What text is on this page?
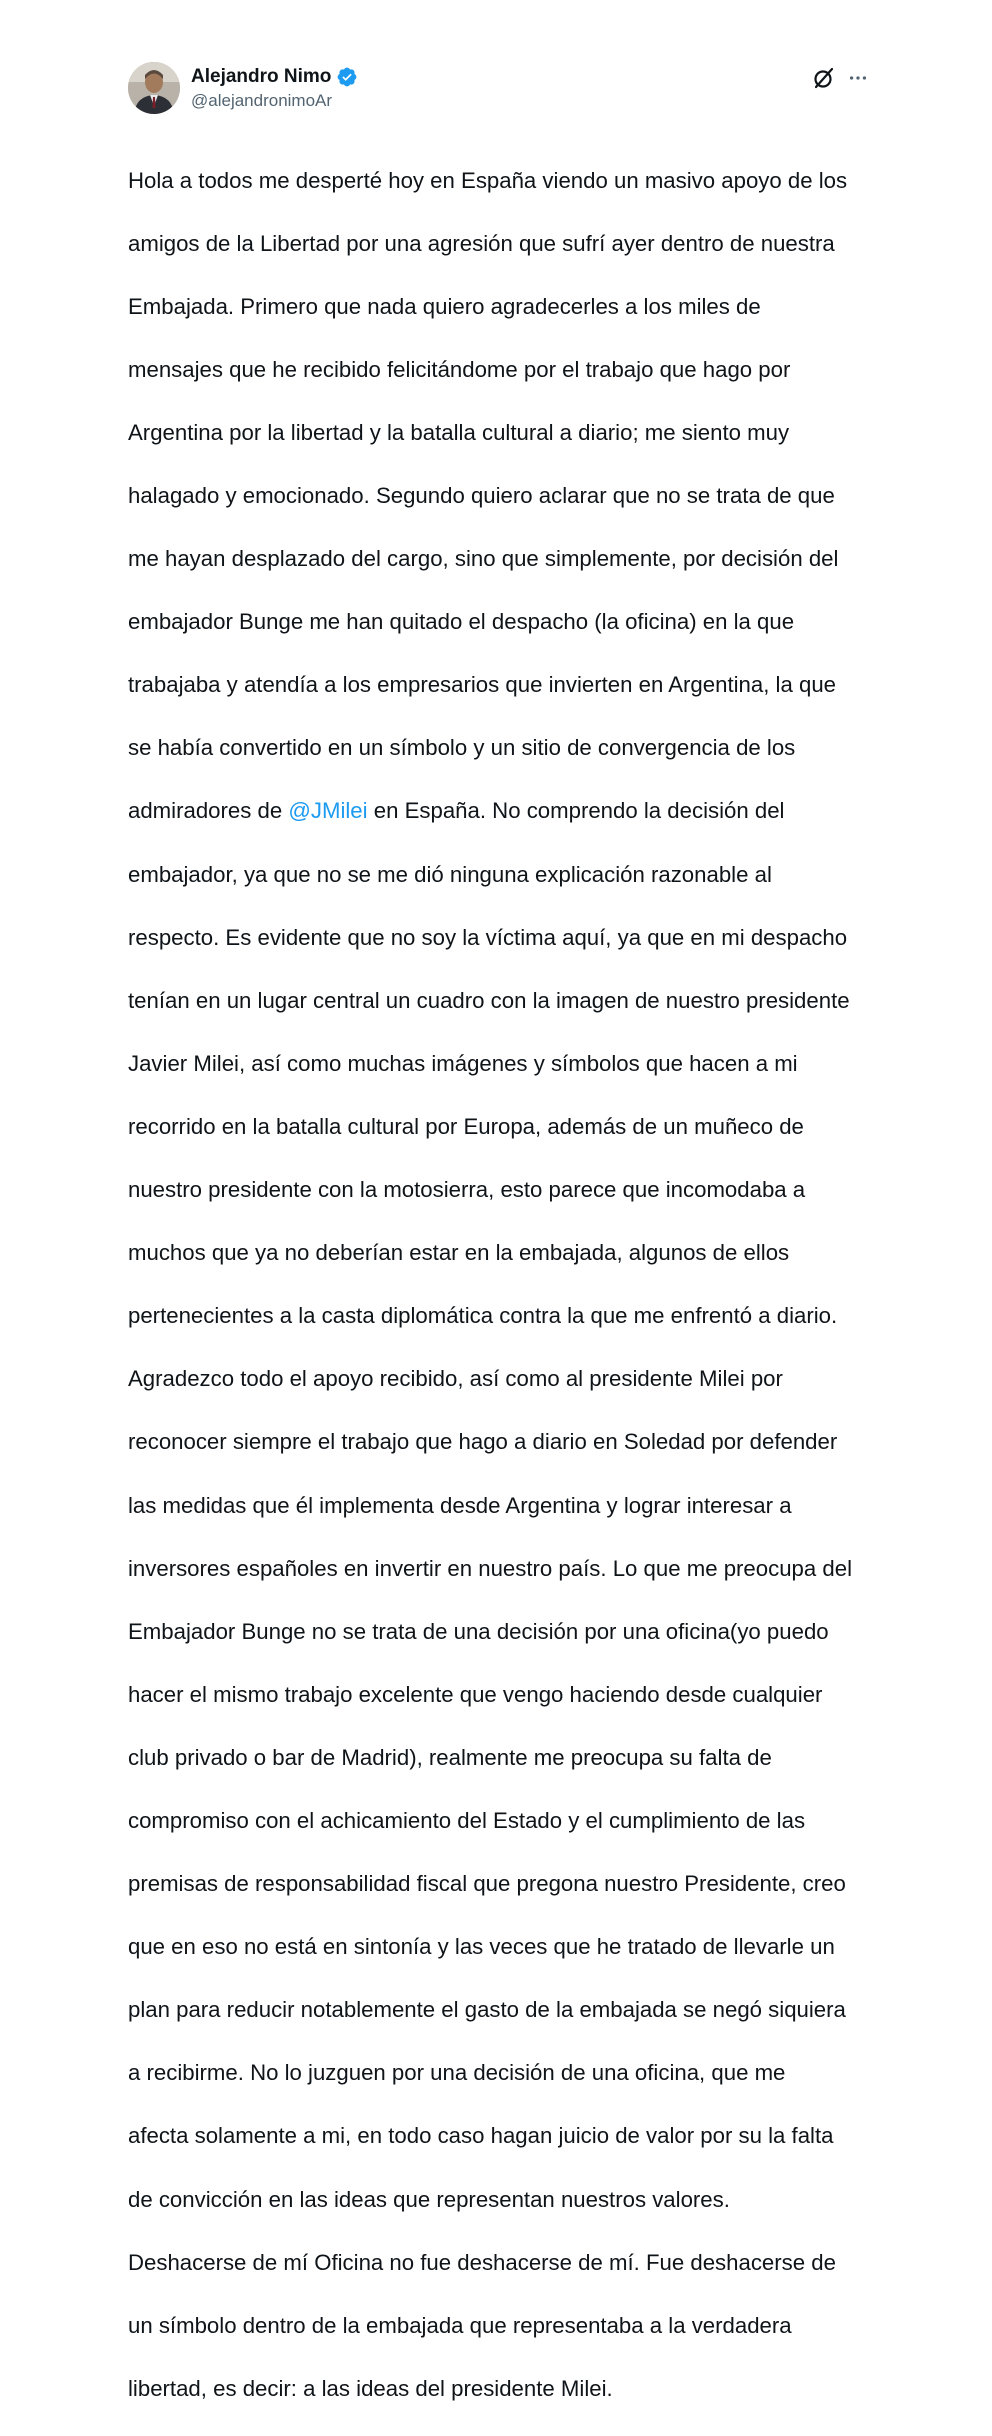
Alejandro Nimo
@alejandronimoAr

Hola a todos me desperté hoy en España viendo un masivo apoyo de los

amigos de la Libertad por una agresión que sufrí ayer dentro de nuestra

Embajada. Primero que nada quiero agradecerles a los miles de

mensajes que he recibido felicitándome por el trabajo que hago por

Argentina por la libertad y la batalla cultural a diario; me siento muy

halagado y emocionado. Segundo quiero aclarar que no se trata de que

me hayan desplazado del cargo, sino que simplemente, por decisión del

embajador Bunge me han quitado el despacho (la oficina) en la que

trabajaba y atendía a los empresarios que invierten en Argentina, la que

se había convertido en un símbolo y un sitio de convergencia de los

admiradores de @JMilei en España. No comprendo la decisión del

embajador, ya que no se me dió ninguna explicación razonable al

respecto. Es evidente que no soy la víctima aquí, ya que en mi despacho

tenían en un lugar central un cuadro con la imagen de nuestro presidente

Javier Milei, así como muchas imágenes y símbolos que hacen a mi

recorrido en la batalla cultural por Europa, además de un muñeco de

nuestro presidente con la motosierra, esto parece que incomodaba a

muchos que ya no deberían estar en la embajada, algunos de ellos

pertenecientes a la casta diplomática contra la que me enfrentó a diario.

Agradezco todo el apoyo recibido, así como al presidente Milei por

reconocer siempre el trabajo que hago a diario en Soledad por defender

las medidas que él implementa desde Argentina y lograr interesar a

inversores españoles en invertir en nuestro país. Lo que me preocupa del

Embajador Bunge no se trata de una decisión por una oficina(yo puedo

hacer el mismo trabajo excelente que vengo haciendo desde cualquier

club privado o bar de Madrid), realmente me preocupa su falta de

compromiso con el achicamiento del Estado y el cumplimiento de las

premisas de responsabilidad fiscal que pregona nuestro Presidente, creo

que en eso no está en sintonía y las veces que he tratado de llevarle un

plan para reducir notablemente el gasto de la embajada se negó siquiera

a recibirme. No lo juzguen por una decisión de una oficina, que me

afecta solamente a mi, en todo caso hagan juicio de valor por su la falta

de convicción en las ideas que representan nuestros valores.

Deshacerse de mí Oficina no fue deshacerse de mí. Fue deshacerse de

un símbolo dentro de la embajada que representaba a la verdadera

libertad, es decir: a las ideas del presidente Milei.
